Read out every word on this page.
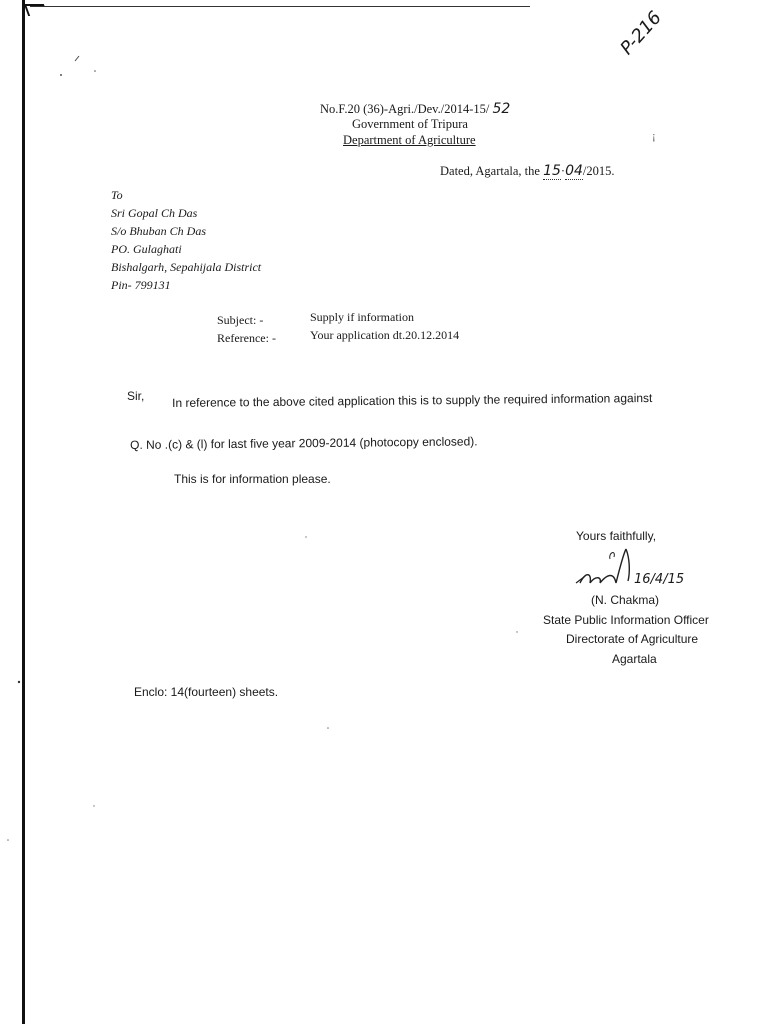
P-216
No.F.20 (36)-Agri./Dev./2014-15/ 52
Government of Tripura
Department of Agriculture	¡
Dated, Agartala, the 15·04/2015.
To
Sri Gopal Ch Das
S/o Bhuban Ch Das
PO. Gulaghati
Bishalgarh, Sepahijala District
Pin- 799131
Subject: -	Supply if information
Reference: -	Your application dt.20.12.2014
Sir, In reference to the above cited application this is to supply the required information against
Q. No .(c) & (l) for last five year 2009-2014 (photocopy enclosed).
This is for information please.
Yours faithfully,
16/4/15
(N. Chakma)
State Public Information Officer
Directorate of Agriculture
Agartala
Enclo: 14(fourteen) sheets.
